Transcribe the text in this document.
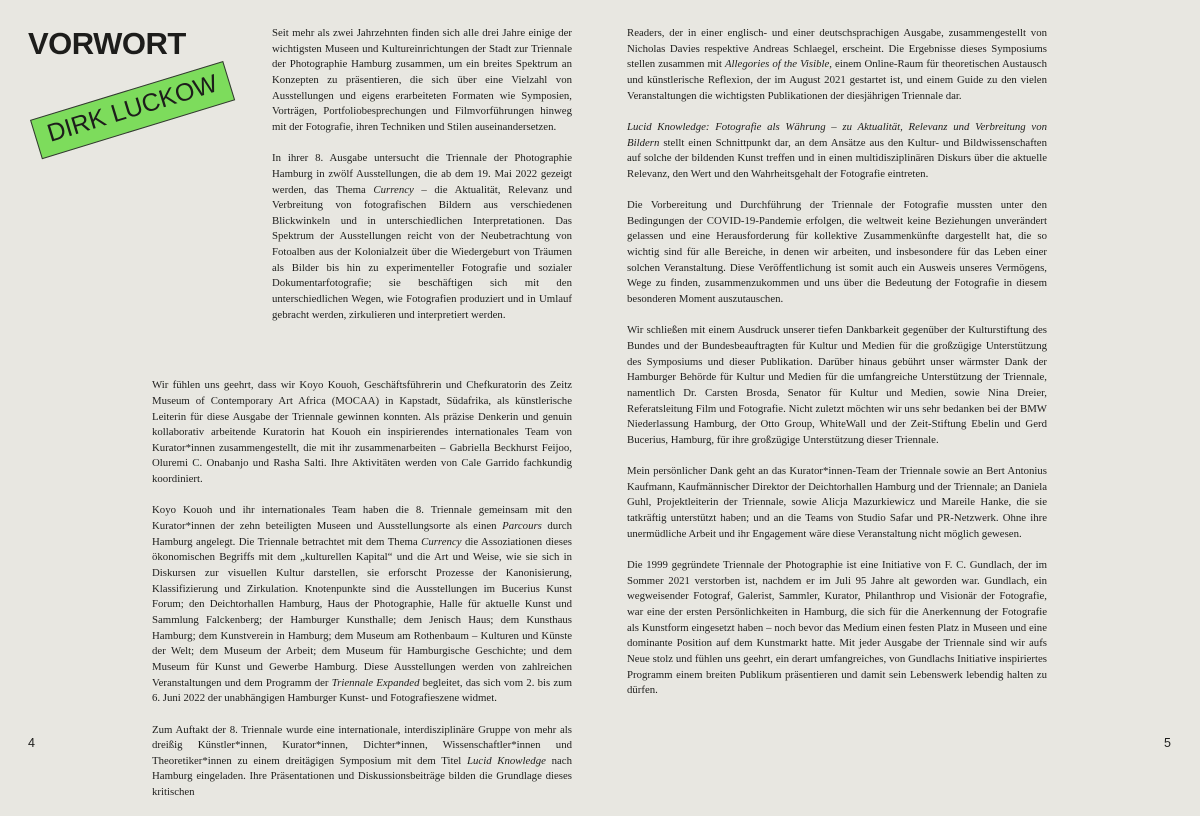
VORWORT
DIRK LUCKOW

Seit mehr als zwei Jahrzehnten finden sich alle drei Jahre einige der wichtigsten Museen und Kultureinrichtungen der Stadt zur Triennale der Photographie Hamburg zusammen, um ein breites Spektrum an Konzepten zu präsentieren, die sich über eine Vielzahl von Ausstellungen und eigens erarbeiteten Formaten wie Symposien, Vorträgen, Portfoliobesprechungen und Filmvorführungen hinweg mit der Fotografie, ihren Techniken und Stilen auseinandersetzen.

In ihrer 8. Ausgabe untersucht die Triennale der Photographie Hamburg in zwölf Ausstellungen, die ab dem 19. Mai 2022 gezeigt werden, das Thema Currency – die Aktualität, Relevanz und Verbreitung von fotografischen Bildern aus verschiedenen Blickwinkeln und in unterschiedlichen Interpretationen. Das Spektrum der Ausstellungen reicht von der Neubetrachtung von Fotoalben aus der Kolonialzeit über die Wiedergeburt von Träumen als Bilder bis hin zu experimenteller Fotografie und sozialer Dokumentarfotografie; sie beschäftigen sich mit den unterschiedlichen Wegen, wie Fotografien produziert und in Umlauf gebracht werden, zirkulieren und interpretiert werden.

Wir fühlen uns geehrt, dass wir Koyo Kouoh, Geschäftsführerin und Chefkuratorin des Zeitz Museum of Contemporary Art Africa (MOCAA) in Kapstadt, Südafrika, als künstlerische Leiterin für diese Ausgabe der Triennale gewinnen konnten. Als präzise Denkerin und genuin kollaborativ arbeitende Kuratorin hat Kouoh ein inspirierendes internationales Team von Kurator*innen zusammengestellt, die mit ihr zusammenarbeiten – Gabriella Beckhurst Feijoo, Oluremi C. Onabanjo und Rasha Salti. Ihre Aktivitäten werden von Cale Garrido fachkundig koordiniert.

Koyo Kouoh und ihr internationales Team haben die 8. Triennale gemeinsam mit den Kurator*innen der zehn beteiligten Museen und Ausstellungsorte als einen Parcours durch Hamburg angelegt. Die Triennale betrachtet mit dem Thema Currency die Assoziationen dieses ökonomischen Begriffs mit dem „kulturellen Kapital“ und die Art und Weise, wie sie sich in Diskursen zur visuellen Kultur darstellen, sie erforscht Prozesse der Kanonisierung, Klassifizierung und Zirkulation. Knotenpunkte sind die Ausstellungen im Bucerius Kunst Forum; den Deichtorhallen Hamburg, Haus der Photographie, Halle für aktuelle Kunst und Sammlung Falckenberg; der Hamburger Kunsthalle; dem Jenisch Haus; dem Kunsthaus Hamburg; dem Kunstverein in Hamburg; dem Museum am Rothenbaum – Kulturen und Künste der Welt; dem Museum der Arbeit; dem Museum für Hamburgische Geschichte; und dem Museum für Kunst und Gewerbe Hamburg. Diese Ausstellungen werden von zahlreichen Veranstaltungen und dem Programm der Triennale Expanded begleitet, das sich vom 2. bis zum 6. Juni 2022 der unabhängigen Hamburger Kunst- und Fotografieszene widmet.

Zum Auftakt der 8. Triennale wurde eine internationale, interdisziplinäre Gruppe von mehr als dreißig Künstler*innen, Kurator*innen, Dichter*innen, Wissenschaftler*innen und Theoretiker*innen zu einem dreitägigen Symposium mit dem Titel Lucid Knowledge nach Hamburg eingeladen. Ihre Präsentationen und Diskussionsbeiträge bilden die Grundlage dieses kritischen

Readers, der in einer englisch- und einer deutschsprachigen Ausgabe, zusammengestellt von Nicholas Davies respektive Andreas Schlaegel, erscheint. Die Ergebnisse dieses Symposiums stellen zusammen mit Allegories of the Visible, einem Online-Raum für theoretischen Austausch und künstlerische Reflexion, der im August 2021 gestartet ist, und einem Guide zu den vielen Veranstaltungen die wichtigsten Publikationen der diesjährigen Triennale dar.

Lucid Knowledge: Fotografie als Währung – zu Aktualität, Relevanz und Verbreitung von Bildern stellt einen Schnittpunkt dar, an dem Ansätze aus den Kultur- und Bildwissenschaften auf solche der bildenden Kunst treffen und in einen multidisziplinären Diskurs über die aktuelle Relevanz, den Wert und den Wahrheitsgehalt der Fotografie eintreten.

Die Vorbereitung und Durchführung der Triennale der Fotografie mussten unter den Bedingungen der COVID-19-Pandemie erfolgen, die weltweit keine Beziehungen unverändert gelassen und eine Herausforderung für kollektive Zusammenkünfte dargestellt hat, die so wichtig sind für alle Bereiche, in denen wir arbeiten, und insbesondere für das Leben einer solchen Veranstaltung. Diese Veröffentlichung ist somit auch ein Ausweis unseres Vermögens, Wege zu finden, zusammenzukommen und uns über die Bedeutung der Fotografie in diesem besonderen Moment auszutauschen.

Wir schließen mit einem Ausdruck unserer tiefen Dankbarkeit gegenüber der Kulturstiftung des Bundes und der Bundesbeauftragten für Kultur und Medien für die großzügige Unterstützung des Symposiums und dieser Publikation. Darüber hinaus gebührt unser wärmster Dank der Hamburger Behörde für Kultur und Medien für die umfangreiche Unterstützung der Triennale, namentlich Dr. Carsten Brosda, Senator für Kultur und Medien, sowie Nina Dreier, Referatsleitung Film und Fotografie. Nicht zuletzt möchten wir uns sehr bedanken bei der BMW Niederlassung Hamburg, der Otto Group, WhiteWall und der Zeit-Stiftung Ebelin und Gerd Bucerius, Hamburg, für ihre großzügige Unterstützung dieser Triennale.

Mein persönlicher Dank geht an das Kurator*innen-Team der Triennale sowie an Bert Antonius Kaufmann, Kaufmännischer Direktor der Deichtorhallen Hamburg und der Triennale; an Daniela Guhl, Projektleiterin der Triennale, sowie Alicja Mazurkiewicz und Mareile Hanke, die sie tatkräftig unterstützt haben; und an die Teams von Studio Safar und PR-Netzwerk. Ohne ihre unermüdliche Arbeit und ihr Engagement wäre diese Veranstaltung nicht möglich gewesen.

Die 1999 gegründete Triennale der Photographie ist eine Initiative von F. C. Gundlach, der im Sommer 2021 verstorben ist, nachdem er im Juli 95 Jahre alt geworden war. Gundlach, ein wegweisender Fotograf, Galerist, Sammler, Kurator, Philanthrop und Visionär der Fotografie, war eine der ersten Persönlichkeiten in Hamburg, die sich für die Anerkennung der Fotografie als Kunstform eingesetzt haben – noch bevor das Medium einen festen Platz in Museen und eine dominante Position auf dem Kunstmarkt hatte. Mit jeder Ausgabe der Triennale sind wir aufs Neue stolz und fühlen uns geehrt, ein derart umfangreiches, von Gundlachs Initiative inspiriertes Programm einem breiten Publikum präsentieren und damit sein Lebenswerk lebendig halten zu dürfen.

4	5
